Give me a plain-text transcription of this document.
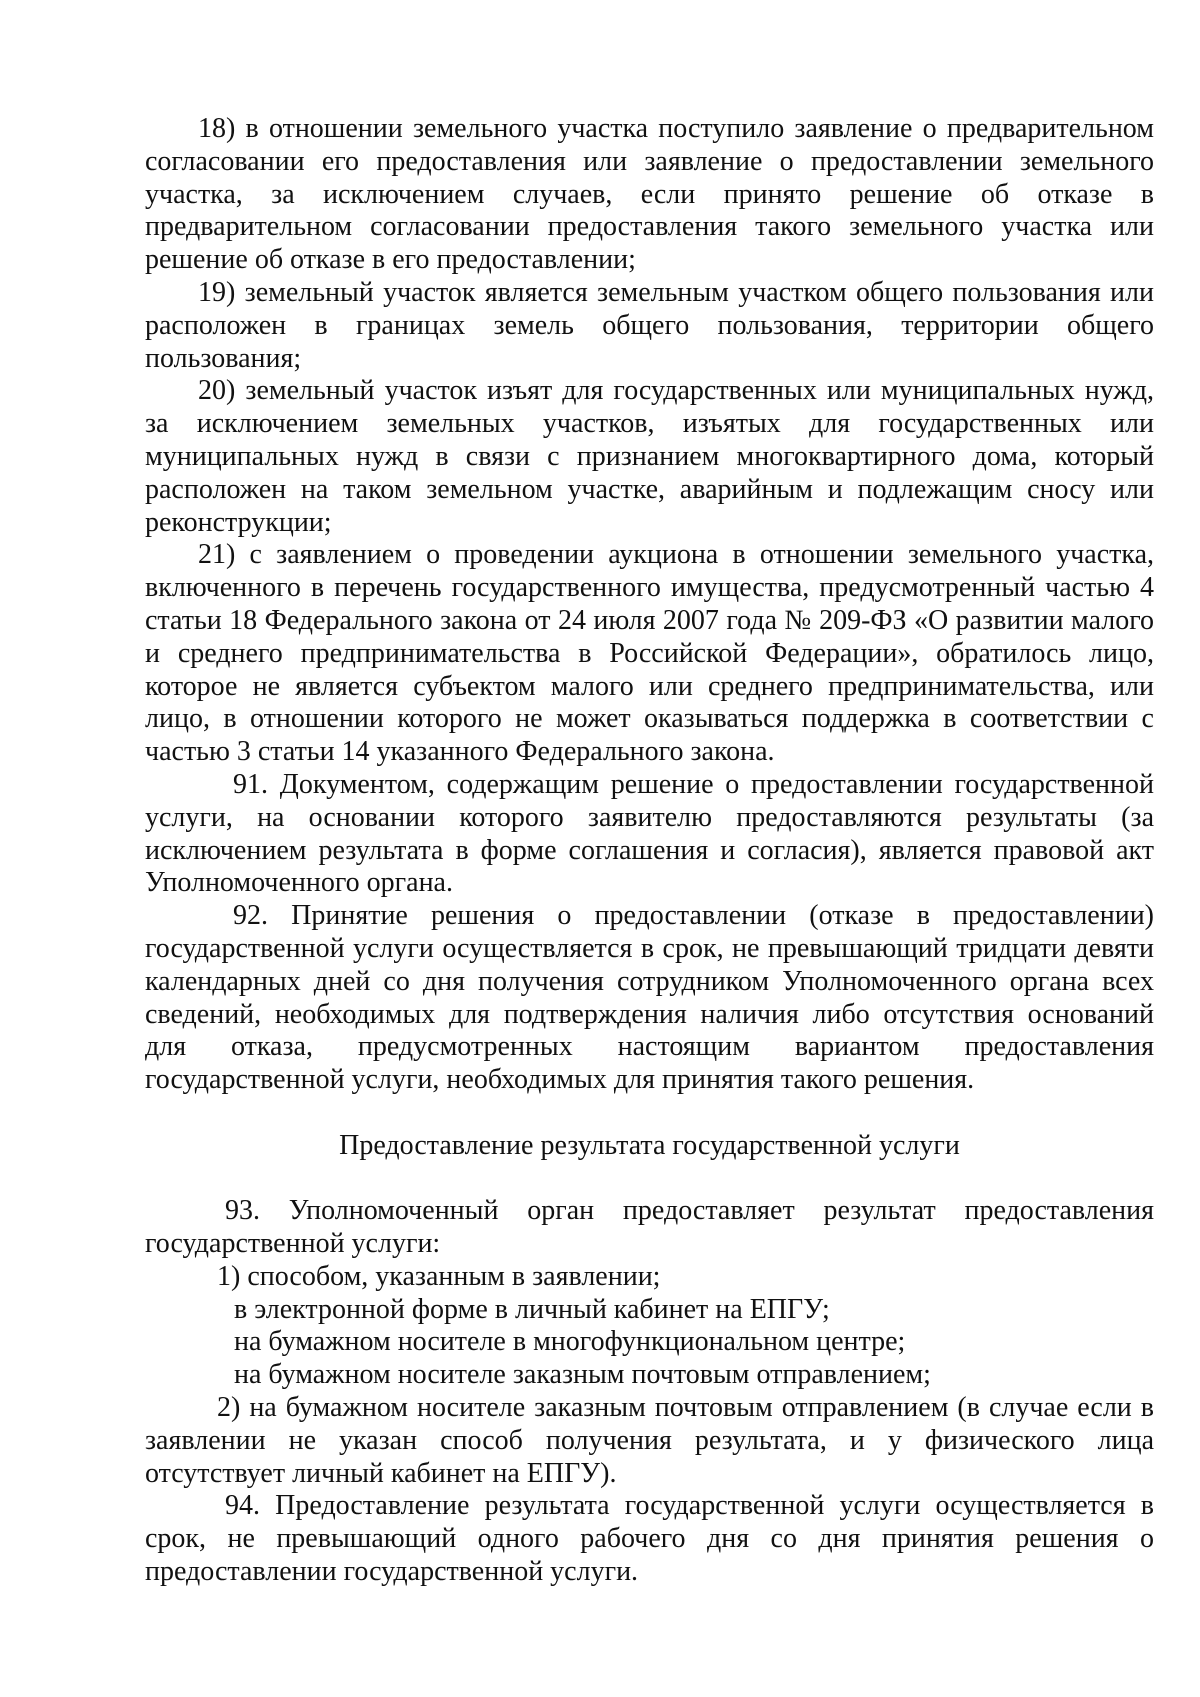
18) в отношении земельного участка поступило заявление о предварительном согласовании его предоставления или заявление о предоставлении земельного участка, за исключением случаев, если принято решение об отказе в предварительном согласовании предоставления такого земельного участка или решение об отказе в его предоставлении;

19) земельный участок является земельным участком общего пользования или расположен в границах земель общего пользования, территории общего пользования;

20) земельный участок изъят для государственных или муниципальных нужд, за исключением земельных участков, изъятых для государственных или муниципальных нужд в связи с признанием многоквартирного дома, который расположен на таком земельном участке, аварийным и подлежащим сносу или реконструкции;

21) с заявлением о проведении аукциона в отношении земельного участка, включенного в перечень государственного имущества, предусмотренный частью 4 статьи 18 Федерального закона от 24 июля 2007 года № 209-ФЗ «О развитии малого и среднего предпринимательства в Российской Федерации», обратилось лицо, которое не является субъектом малого или среднего предпринимательства, или лицо, в отношении которого не может оказываться поддержка в соответствии с частью 3 статьи 14 указанного Федерального закона.

91. Документом, содержащим решение о предоставлении государственной услуги, на основании которого заявителю предоставляются результаты (за исключением результата в форме соглашения и согласия), является правовой акт Уполномоченного органа.

92. Принятие решения о предоставлении (отказе в предоставлении) государственной услуги осуществляется в срок, не превышающий тридцати девяти календарных дней со дня получения сотрудником Уполномоченного органа всех сведений, необходимых для подтверждения наличия либо отсутствия оснований для отказа, предусмотренных настоящим вариантом предоставления государственной услуги, необходимых для принятия такого решения.

Предоставление результата государственной услуги

93. Уполномоченный орган предоставляет результат предоставления государственной услуги:

1) способом, указанным в заявлении;

в электронной форме в личный кабинет на ЕПГУ;

на бумажном носителе в многофункциональном центре;

на бумажном носителе заказным почтовым отправлением;

2) на бумажном носителе заказным почтовым отправлением (в случае если в заявлении не указан способ получения результата, и у физического лица отсутствует личный кабинет на ЕПГУ).

94. Предоставление результата государственной услуги осуществляется в срок, не превышающий одного рабочего дня со дня принятия решения о предоставлении государственной услуги.
